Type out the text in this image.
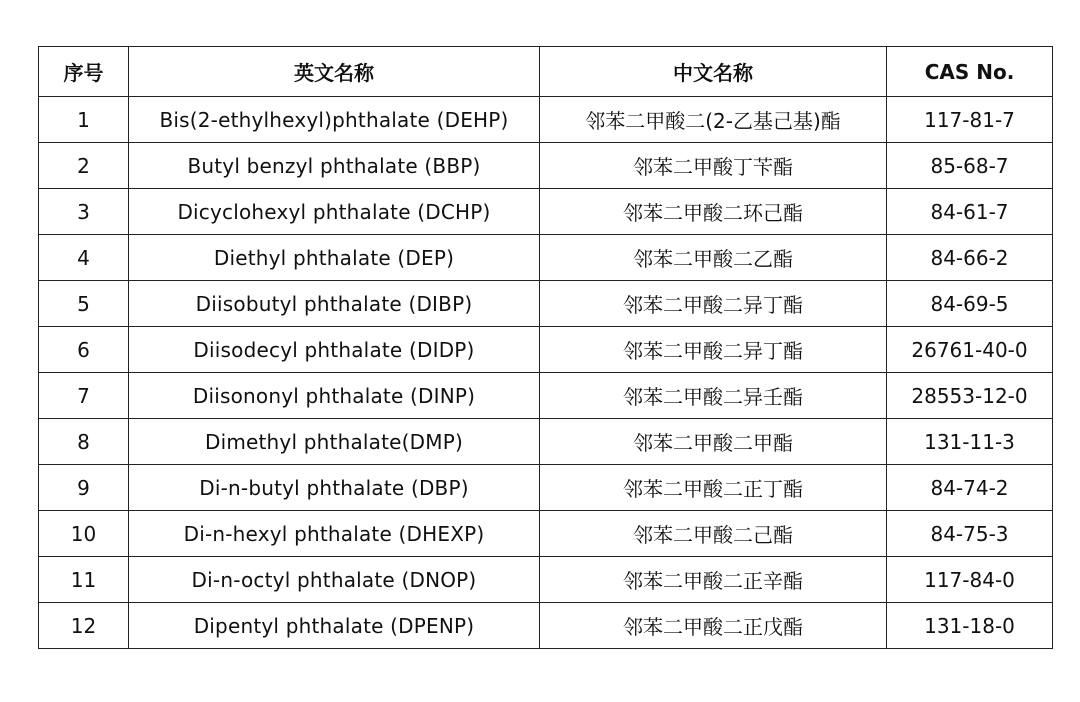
序号	英文名称	中文名称	CAS No.
1	Bis(2-ethylhexyl)phthalate (DEHP)	邻苯二甲酸二(2-乙基己基)酯	117-81-7
2	Butyl benzyl phthalate (BBP)	邻苯二甲酸丁苄酯	85-68-7
3	Dicyclohexyl phthalate (DCHP)	邻苯二甲酸二环己酯	84-61-7
4	Diethyl phthalate (DEP)	邻苯二甲酸二乙酯	84-66-2
5	Diisobutyl phthalate (DIBP)	邻苯二甲酸二异丁酯	84-69-5
6	Diisodecyl phthalate (DIDP)	邻苯二甲酸二异丁酯	26761-40-0
7	Diisononyl phthalate (DINP)	邻苯二甲酸二异壬酯	28553-12-0
8	Dimethyl phthalate(DMP)	邻苯二甲酸二甲酯	131-11-3
9	Di-n-butyl phthalate (DBP)	邻苯二甲酸二正丁酯	84-74-2
10	Di-n-hexyl phthalate (DHEXP)	邻苯二甲酸二己酯	84-75-3
11	Di-n-octyl phthalate (DNOP)	邻苯二甲酸二正辛酯	117-84-0
12	Dipentyl phthalate (DPENP)	邻苯二甲酸二正戊酯	131-18-0
